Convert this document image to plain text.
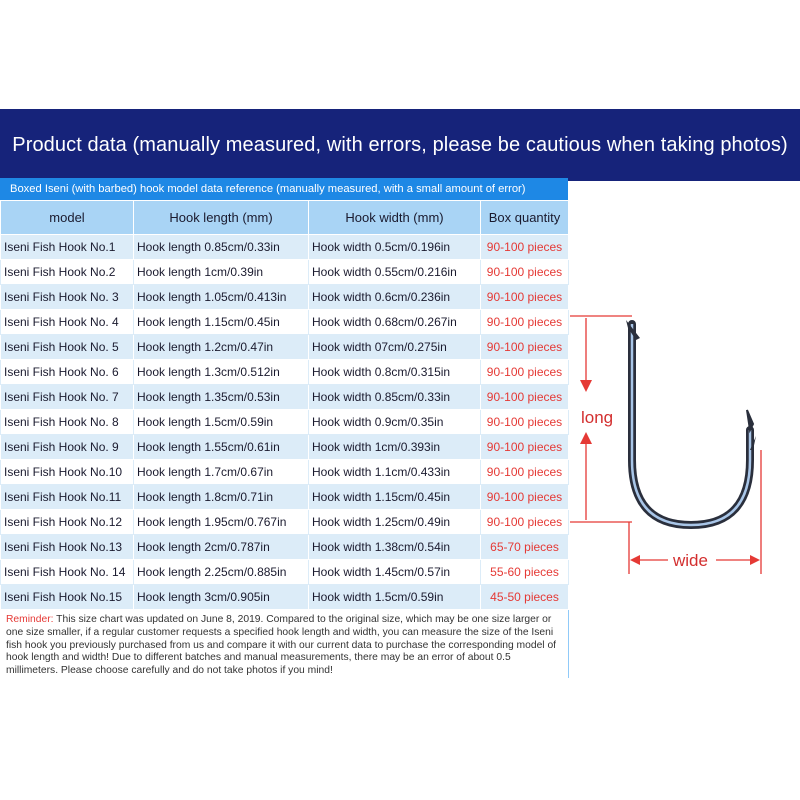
Product data (manually measured, with errors, please be cautious when taking photos)
Boxed Iseni (with barbed) hook model data reference (manually measured, with a small amount of error)
model	Hook length (mm)	Hook width (mm)	Box quantity
Iseni Fish Hook No.1	Hook length 0.85cm/0.33in	Hook width 0.5cm/0.196in	90-100 pieces
Iseni Fish Hook No.2	Hook length 1cm/0.39in	Hook width 0.55cm/0.216in	90-100 pieces
Iseni Fish Hook No. 3	Hook length 1.05cm/0.413in	Hook width 0.6cm/0.236in	90-100 pieces
Iseni Fish Hook No. 4	Hook length 1.15cm/0.45in	Hook width 0.68cm/0.267in	90-100 pieces
Iseni Fish Hook No. 5	Hook length 1.2cm/0.47in	Hook width 07cm/0.275in	90-100 pieces
Iseni Fish Hook No. 6	Hook length 1.3cm/0.512in	Hook width 0.8cm/0.315in	90-100 pieces
Iseni Fish Hook No. 7	Hook length 1.35cm/0.53in	Hook width 0.85cm/0.33in	90-100 pieces
Iseni Fish Hook No. 8	Hook length 1.5cm/0.59in	Hook width 0.9cm/0.35in	90-100 pieces
Iseni Fish Hook No. 9	Hook length 1.55cm/0.61in	Hook width 1cm/0.393in	90-100 pieces
Iseni Fish Hook No.10	Hook length 1.7cm/0.67in	Hook width 1.1cm/0.433in	90-100 pieces
Iseni Fish Hook No.11	Hook length 1.8cm/0.71in	Hook width 1.15cm/0.45in	90-100 pieces
Iseni Fish Hook No.12	Hook length 1.95cm/0.767in	Hook width 1.25cm/0.49in	90-100 pieces
Iseni Fish Hook No.13	Hook length 2cm/0.787in	Hook width 1.38cm/0.54in	65-70 pieces
Iseni Fish Hook No. 14	Hook length 2.25cm/0.885in	Hook width 1.45cm/0.57in	55-60 pieces
Iseni Fish Hook No.15	Hook length 3cm/0.905in	Hook width 1.5cm/0.59in	45-50 pieces
Reminder: This size chart was updated on June 8, 2019. Compared to the original size, which may be one size larger or one size smaller, if a regular customer requests a specified hook length and width, you can measure the size of the Iseni fish hook you previously purchased from us and compare it with our current data to purchase the corresponding model of hook length and width! Due to different batches and manual measurements, there may be an error of about 0.5 millimeters. Please choose carefully and do not take photos if you mind!
long
wide
